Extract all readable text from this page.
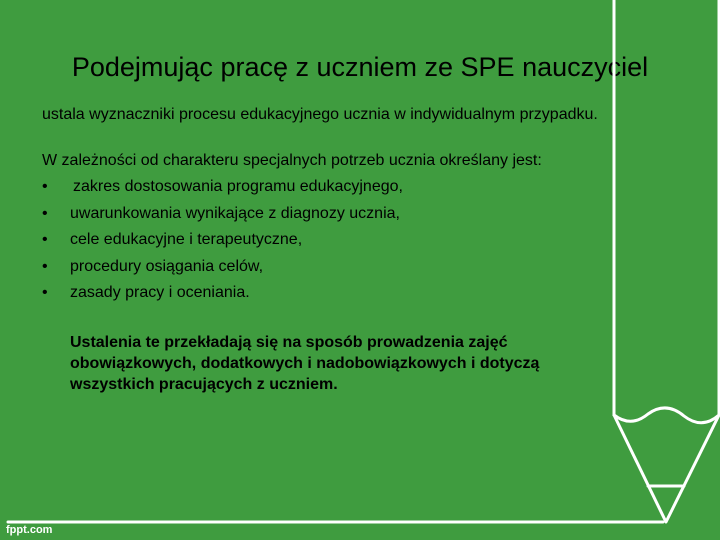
Podejmując pracę z uczniem ze SPE nauczyciel

ustala wyznaczniki procesu edukacyjnego ucznia w indywidualnym przypadku.

W zależności od charakteru specjalnych potrzeb ucznia określany jest:

•	zakres dostosowania programu edukacyjnego,
•	uwarunkowania wynikające z diagnozy ucznia,
•	cele edukacyjne i terapeutyczne,
•	procedury osiągania celów,
•	zasady pracy i oceniania.

Ustalenia te przekładają się na sposób prowadzenia zajęć obowiązkowych, dodatkowych i nadobowiązkowych i dotyczą wszystkich pracujących z uczniem.

fppt.com
